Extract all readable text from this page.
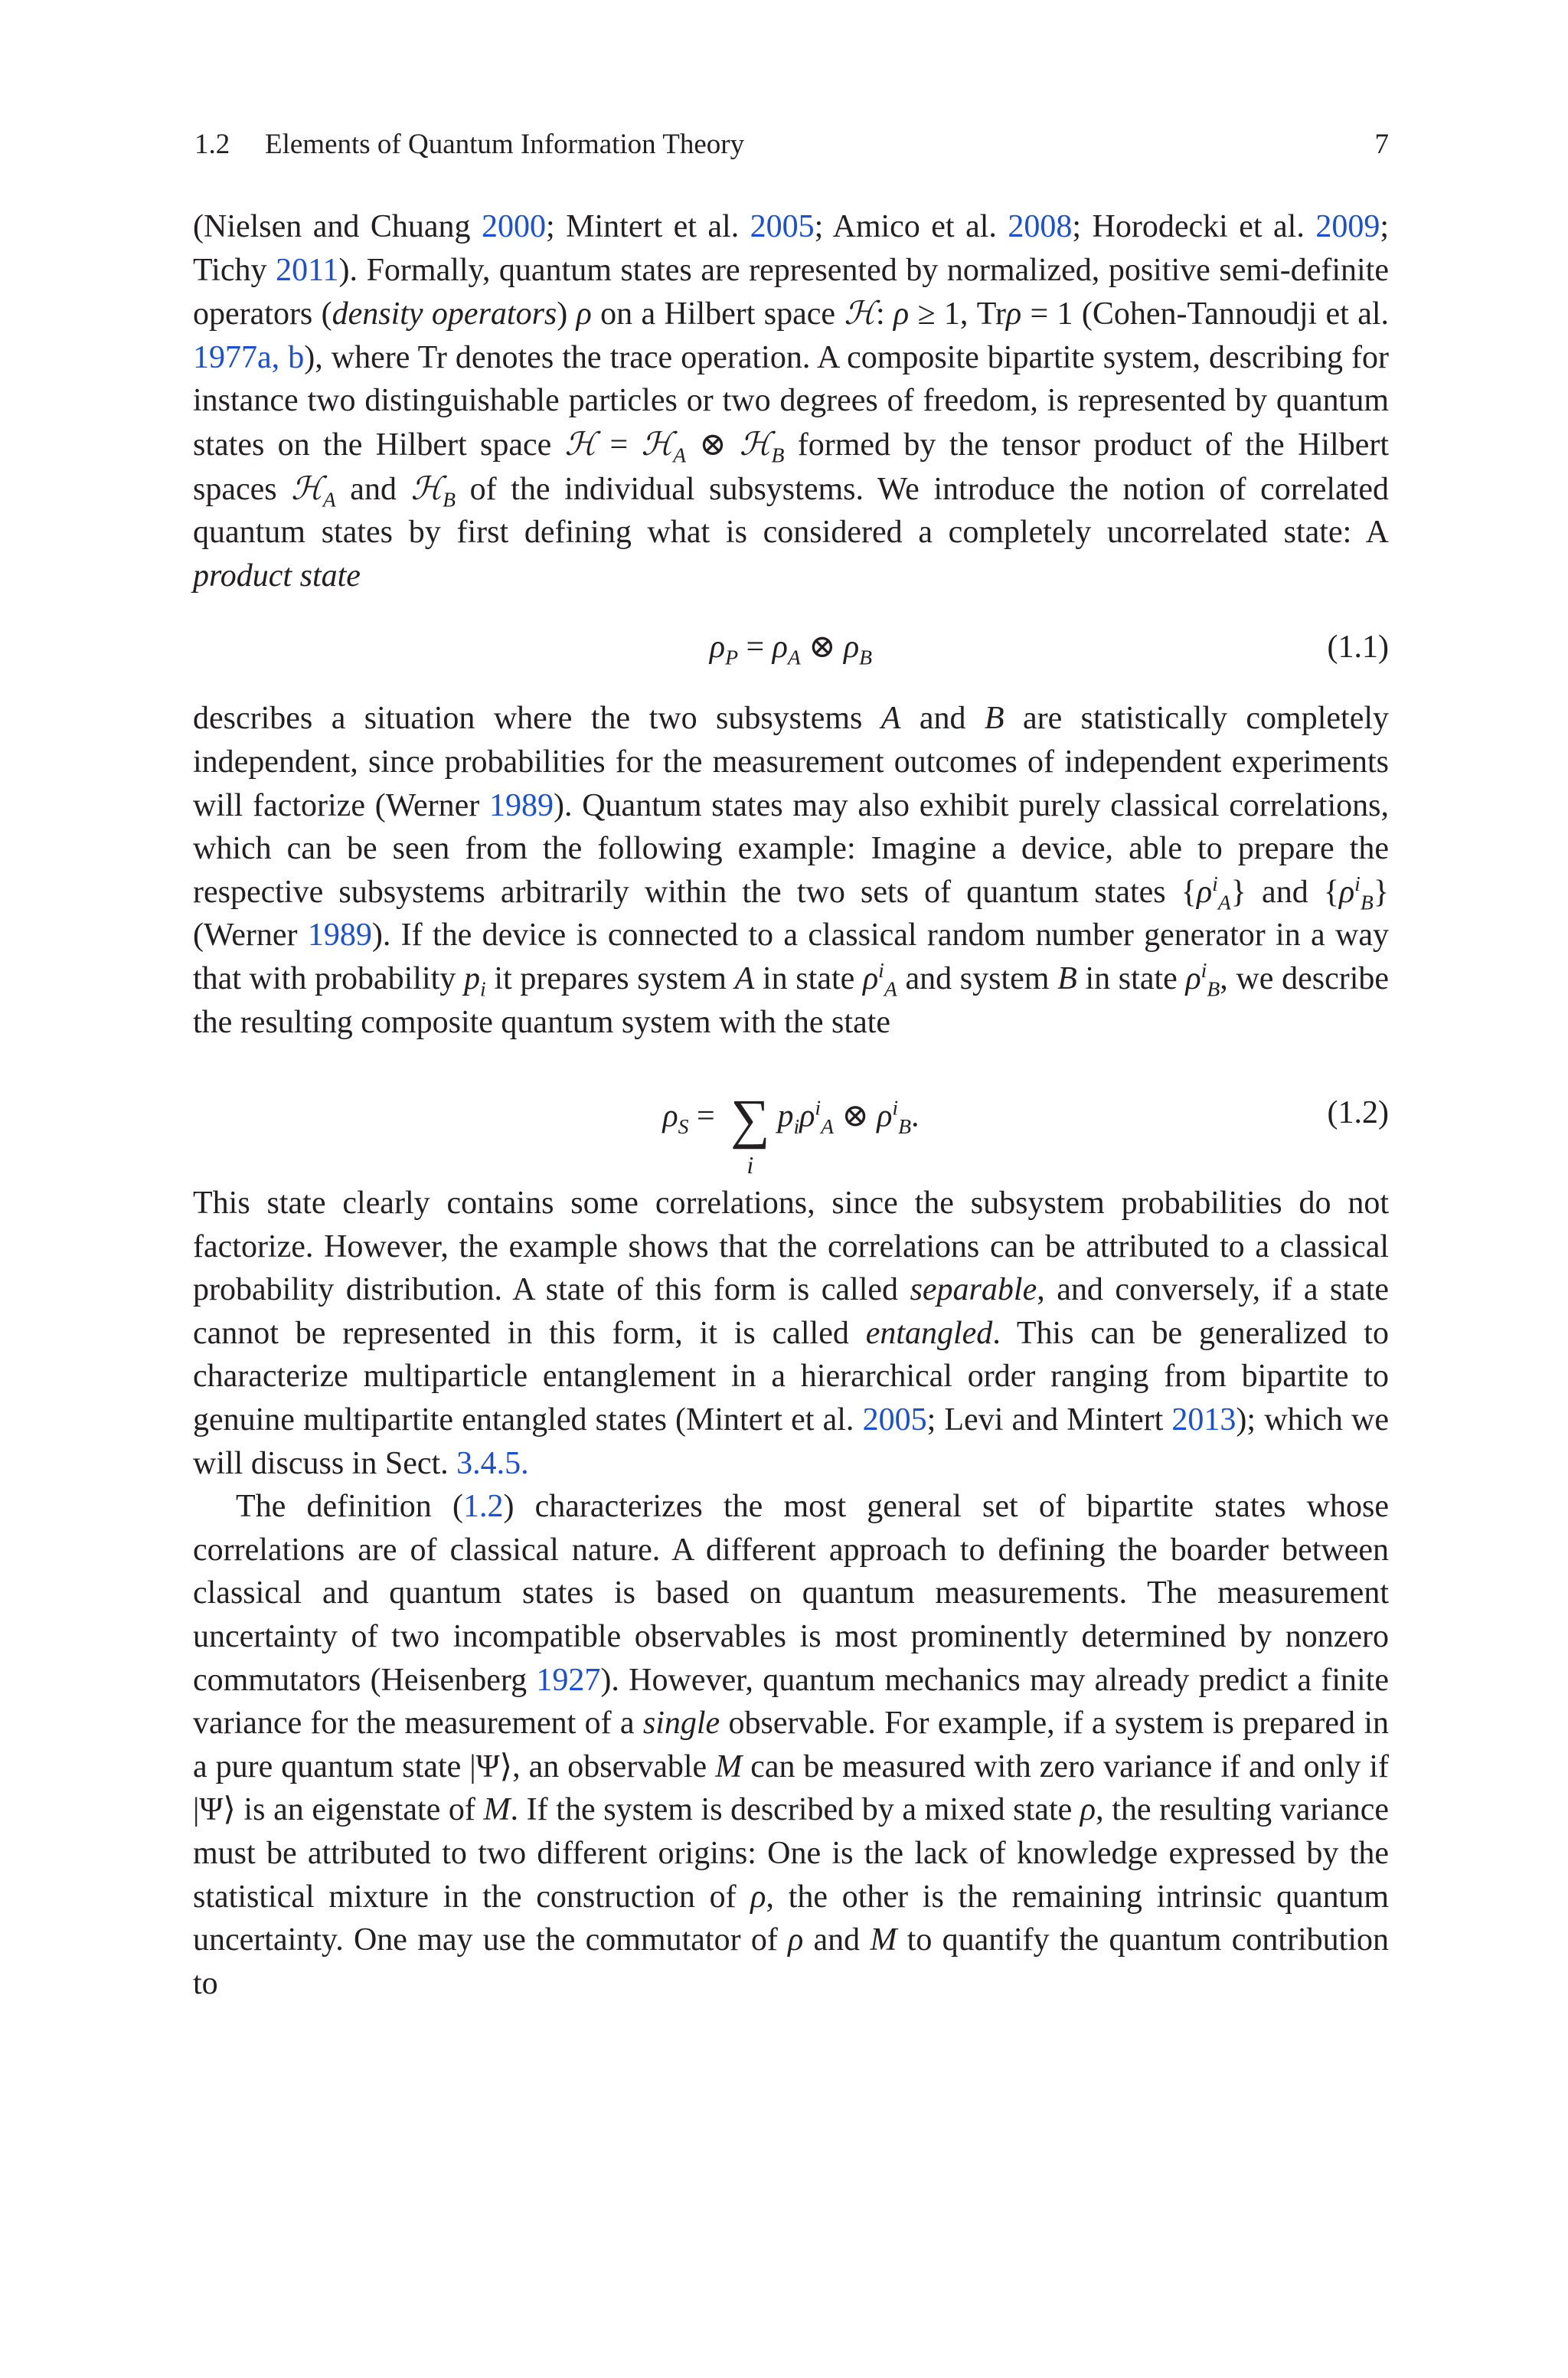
1.2 Elements of Quantum Information Theory	7

(Nielsen and Chuang 2000; Mintert et al. 2005; Amico et al. 2008; Horodecki et al. 2009; Tichy 2011). Formally, quantum states are represented by normalized, positive semi-definite operators (density operators) ρ on a Hilbert space ℋ: ρ ≥ 1, Trρ = 1 (Cohen-Tannoudji et al. 1977a, b), where Tr denotes the trace operation. A composite bipartite system, describing for instance two distinguishable particles or two degrees of freedom, is represented by quantum states on the Hilbert space ℋ = ℋ$_A$ ⊗ ℋ$_B$ formed by the tensor product of the Hilbert spaces ℋ$_A$ and ℋ$_B$ of the individual subsystems. We introduce the notion of correlated quantum states by first defining what is considered a completely uncorrelated state: A product state

$\rho_P = \rho_A$ ⊗ $\rho_B$	(1.1)

describes a situation where the two subsystems A and B are statistically completely independent, since probabilities for the measurement outcomes of independent experiments will factorize (Werner 1989). Quantum states may also exhibit purely classical correlations, which can be seen from the following example: Imagine a device, able to prepare the respective subsystems arbitrarily within the two sets of quantum states $\{\rho^i_A\}$ and $\{\rho^i_B\}$ (Werner 1989). If the device is connected to a classical random number generator in a way that with probability $p_i$ it prepares system A in state $\rho^i_A$ and system B in state $\rho^i_B$, we describe the resulting composite quantum system with the state

$\rho_S$ = ∑
i
$p_i\rho^i_A$ ⊗ $\rho^i_B$.	(1.2)

This state clearly contains some correlations, since the subsystem probabilities do not factorize. However, the example shows that the correlations can be attributed to a classical probability distribution. A state of this form is called separable, and conversely, if a state cannot be represented in this form, it is called entangled. This can be generalized to characterize multiparticle entanglement in a hierarchical order ranging from bipartite to genuine multipartite entangled states (Mintert et al. 2005; Levi and Mintert 2013); which we will discuss in Sect. 3.4.5.

The definition (1.2) characterizes the most general set of bipartite states whose correlations are of classical nature. A different approach to defining the boarder between classical and quantum states is based on quantum measurements. The measurement uncertainty of two incompatible observables is most prominently determined by nonzero commutators (Heisenberg 1927). However, quantum mechanics may already predict a finite variance for the measurement of a single observable. For example, if a system is prepared in a pure quantum state |Ψ⟩, an observable M can be measured with zero variance if and only if |Ψ⟩ is an eigenstate of M. If the system is described by a mixed state ρ, the resulting variance must be attributed to two different origins: One is the lack of knowledge expressed by the statistical mixture in the construction of ρ, the other is the remaining intrinsic quantum uncertainty. One may use the commutator of ρ and M to quantify the quantum contribution to
